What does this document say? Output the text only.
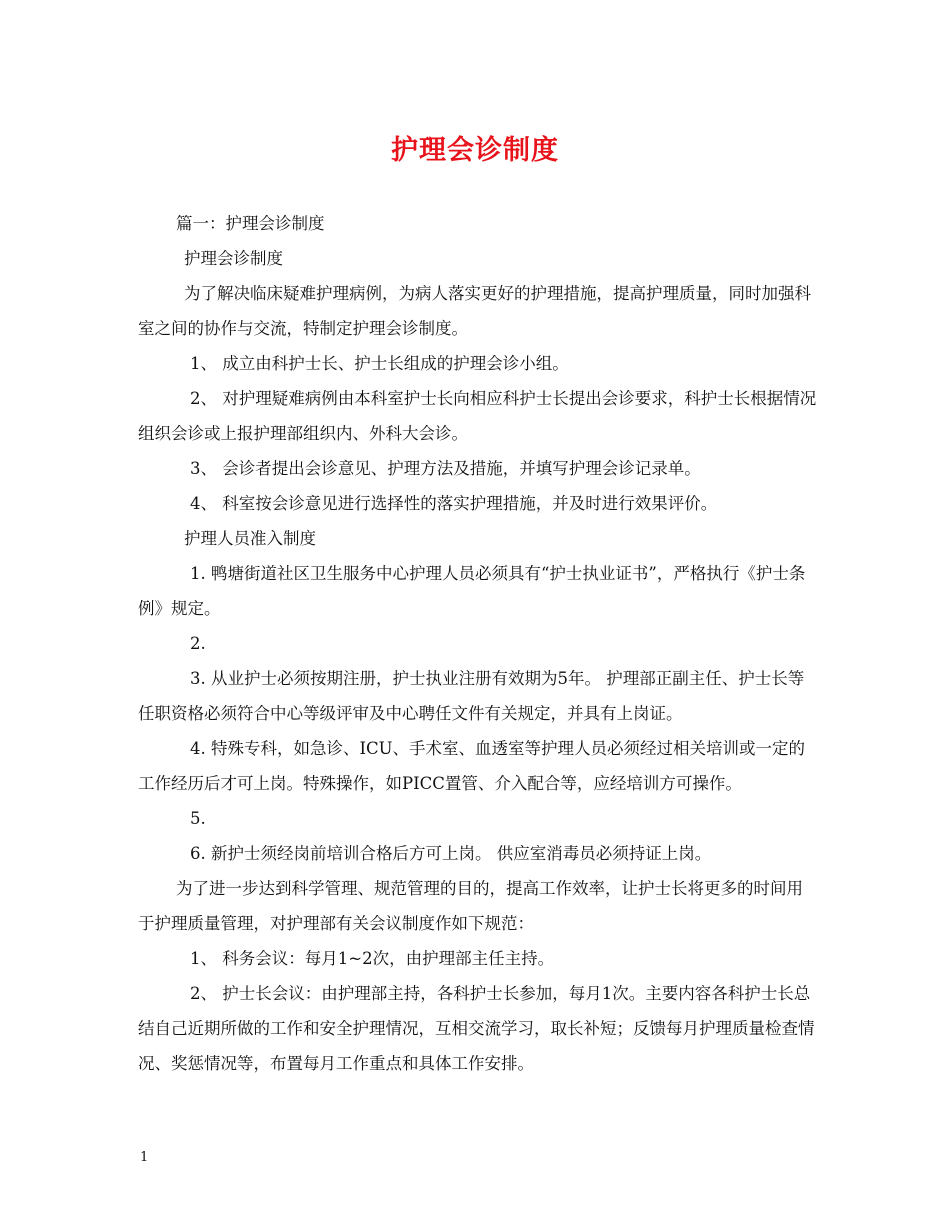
护理会诊制度

篇一：护理会诊制度

护理会诊制度

为了解决临床疑难护理病例，为病人落实更好的护理措施，提高护理质量，同时加强科室之间的协作与交流，特制定护理会诊制度。

1、 成立由科护士长、护士长组成的护理会诊小组。

2、 对护理疑难病例由本科室护士长向相应科护士长提出会诊要求，科护士长根据情况组织会诊或上报护理部组织内、外科大会诊。

3、 会诊者提出会诊意见、护理方法及措施，并填写护理会诊记录单。

4、 科室按会诊意见进行选择性的落实护理措施，并及时进行效果评价。

护理人员准入制度

1. 鸭塘街道社区卫生服务中心护理人员必须具有“护士执业证书”，严格执行《护士条例》规定。

2.

3. 从业护士必须按期注册，护士执业注册有效期为5年。 护理部正副主任、护士长等任职资格必须符合中心等级评审及中心聘任文件有关规定，并具有上岗证。

4. 特殊专科，如急诊、ICU、手术室、血透室等护理人员必须经过相关培训或一定的工作经历后才可上岗。特殊操作，如PICC置管、介入配合等，应经培训方可操作。

5.

6. 新护士须经岗前培训合格后方可上岗。 供应室消毒员必须持证上岗。

为了进一步达到科学管理、规范管理的目的，提高工作效率，让护士长将更多的时间用于护理质量管理，对护理部有关会议制度作如下规范：

1、 科务会议：每月1~2次，由护理部主任主持。

2、 护士长会议：由护理部主持，各科护士长参加，每月1次。主要内容各科护士长总结自己近期所做的工作和安全护理情况，互相交流学习，取长补短；反馈每月护理质量检查情况、奖惩情况等，布置每月工作重点和具体工作安排。

1
